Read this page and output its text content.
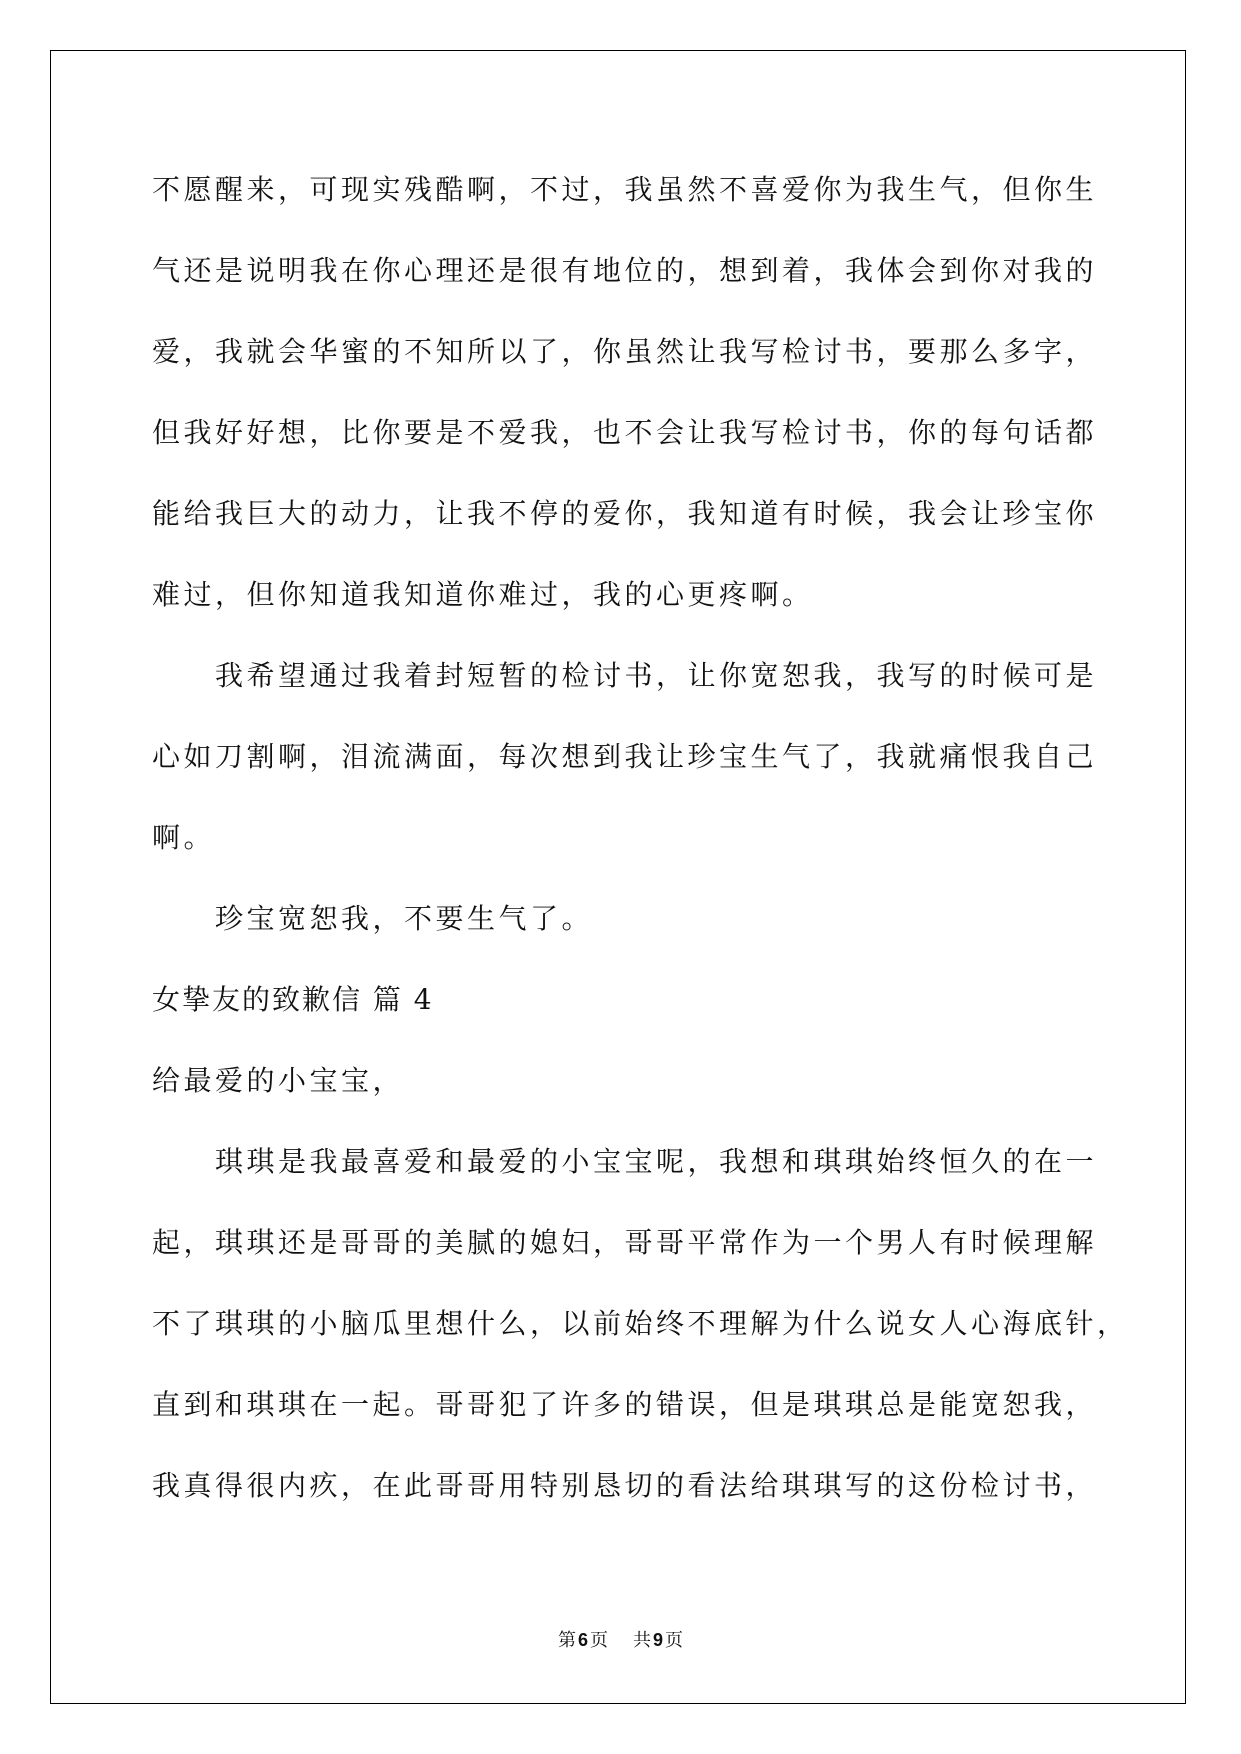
不愿醒来，可现实残酷啊，不过，我虽然不喜爱你为我生气，但你生

气还是说明我在你心理还是很有地位的，想到着，我体会到你对我的

爱，我就会华蜜的不知所以了，你虽然让我写检讨书，要那么多字，

但我好好想，比你要是不爱我，也不会让我写检讨书，你的每句话都

能给我巨大的动力，让我不停的爱你，我知道有时候，我会让珍宝你

难过，但你知道我知道你难过，我的心更疼啊。

我希望通过我着封短暂的检讨书，让你宽恕我，我写的时候可是

心如刀割啊，泪流满面，每次想到我让珍宝生气了，我就痛恨我自己

啊。

珍宝宽恕我，不要生气了。

女挚友的致歉信 篇 4

给最爱的小宝宝，

琪琪是我最喜爱和最爱的小宝宝呢，我想和琪琪始终恒久的在一

起，琪琪还是哥哥的美腻的媳妇，哥哥平常作为一个男人有时候理解

不了琪琪的小脑瓜里想什么，以前始终不理解为什么说女人心海底针，

直到和琪琪在一起。哥哥犯了许多的错误，但是琪琪总是能宽恕我，

我真得很内疚，在此哥哥用特别恳切的看法给琪琪写的这份检讨书，

第 6 页 共 9 页
